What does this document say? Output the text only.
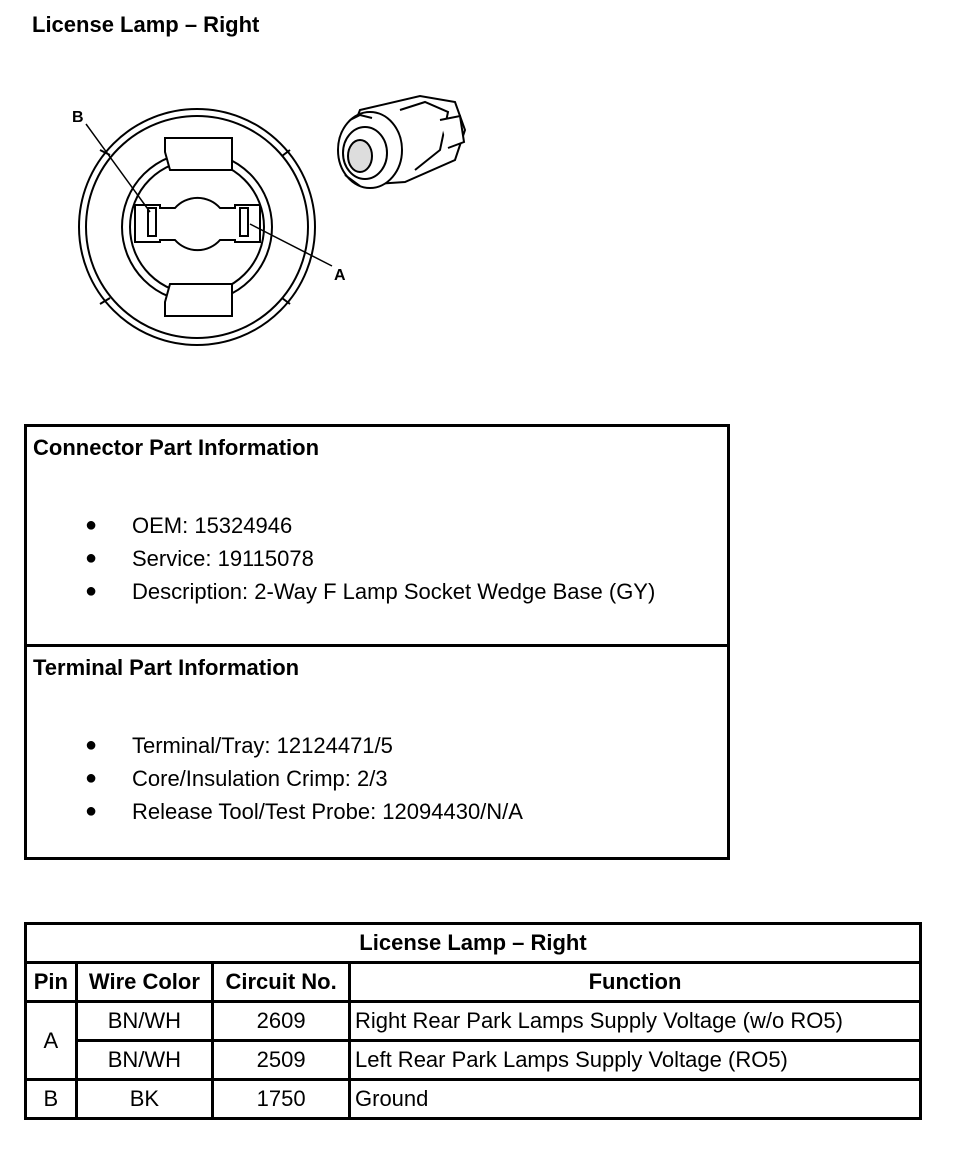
License Lamp – Right
B
A
Connector Part Information
● OEM: 15324946
● Service: 19115078
● Description: 2-Way F Lamp Socket Wedge Base (GY)
Terminal Part Information
● Terminal/Tray: 12124471/5
● Core/Insulation Crimp: 2/3
● Release Tool/Test Probe: 12094430/N/A
License Lamp – Right			
Pin	Wire Color	Circuit No.	Function
A	BN/WH	2609	Right Rear Park Lamps Supply Voltage (w/o RO5)
	BN/WH	2509	Left Rear Park Lamps Supply Voltage (RO5)
B	BK	1750	Ground
